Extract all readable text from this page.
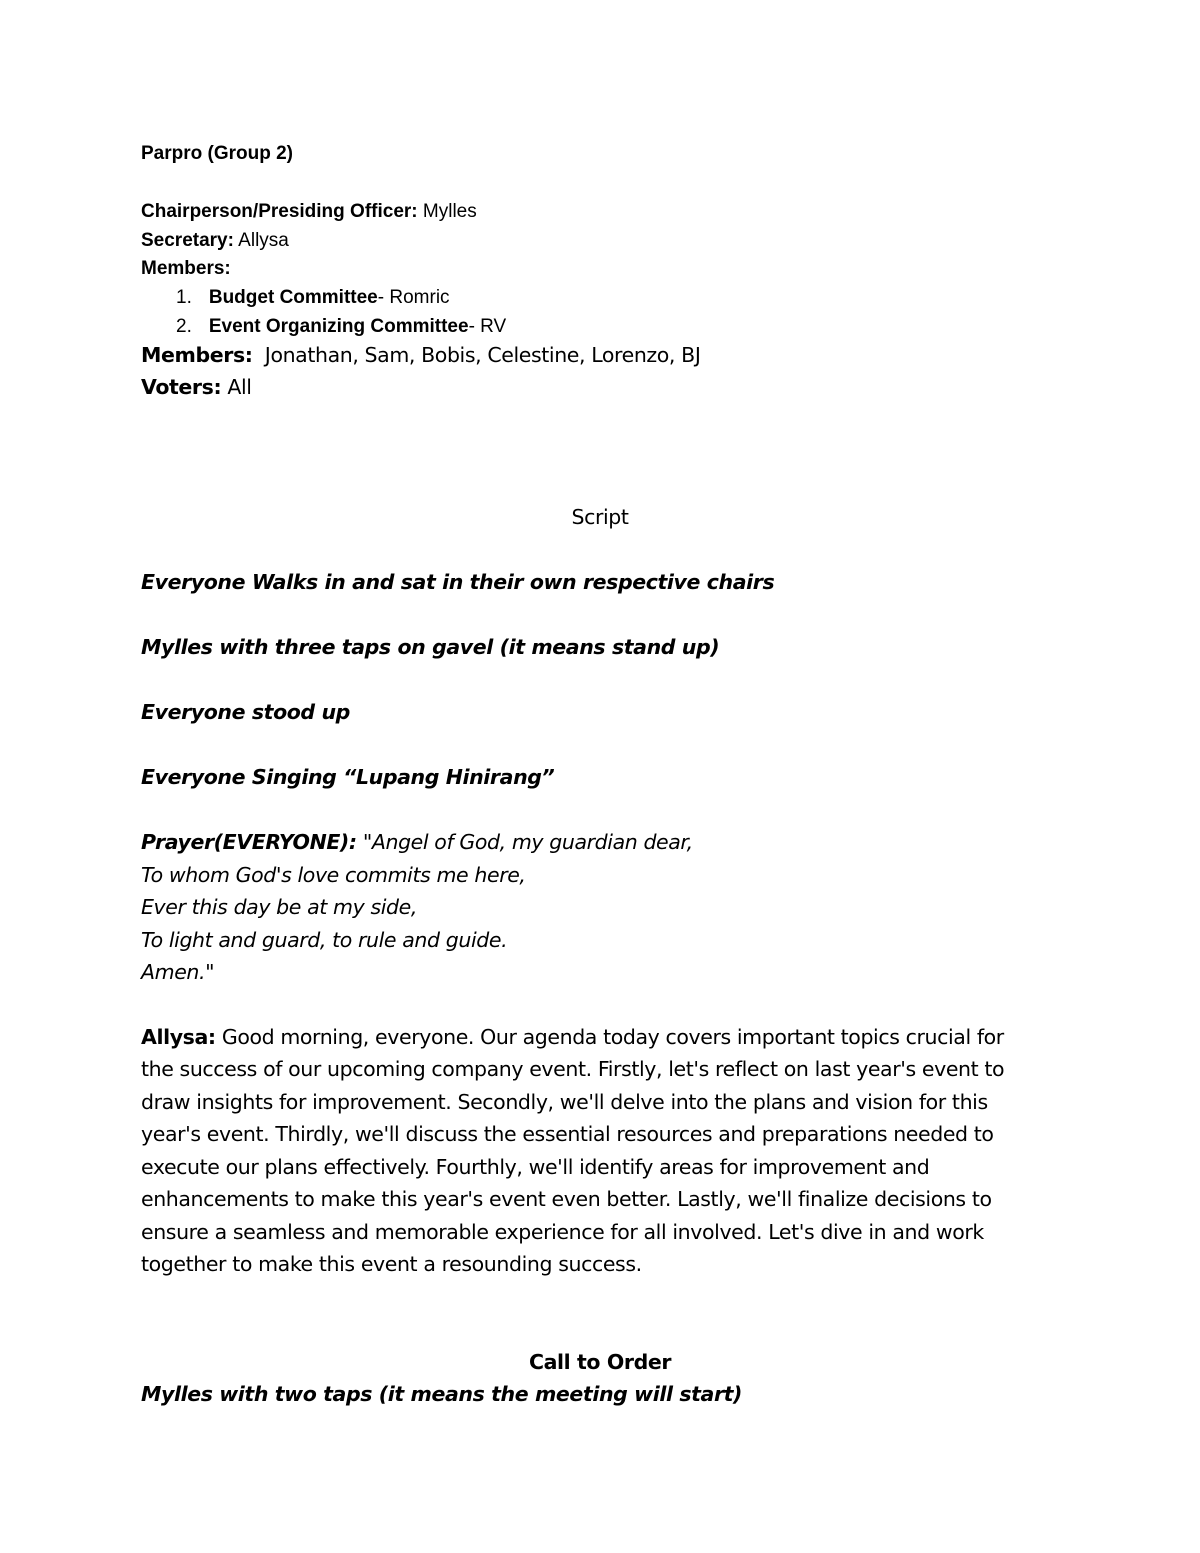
Parpro (Group 2)
Chairperson/Presiding Officer: Mylles
Secretary: Allysa
Members:
1. Budget Committee- Romric
2. Event Organizing Committee- RV
Members:  Jonathan, Sam, Bobis, Celestine, Lorenzo, BJ
Voters: All
Script
Everyone Walks in and sat in their own respective chairs
Mylles with three taps on gavel (it means stand up)
Everyone stood up
Everyone Singing “Lupang Hinirang”
Prayer(EVERYONE): "Angel of God, my guardian dear,
To whom God's love commits me here,
Ever this day be at my side,
To light and guard, to rule and guide.
Amen."
Allysa: Good morning, everyone. Our agenda today covers important topics crucial for
the success of our upcoming company event. Firstly, let's reflect on last year's event to
draw insights for improvement. Secondly, we'll delve into the plans and vision for this
year's event. Thirdly, we'll discuss the essential resources and preparations needed to
execute our plans effectively. Fourthly, we'll identify areas for improvement and
enhancements to make this year's event even better. Lastly, we'll finalize decisions to
ensure a seamless and memorable experience for all involved. Let's dive in and work
together to make this event a resounding success.
Call to Order
Mylles with two taps (it means the meeting will start)
